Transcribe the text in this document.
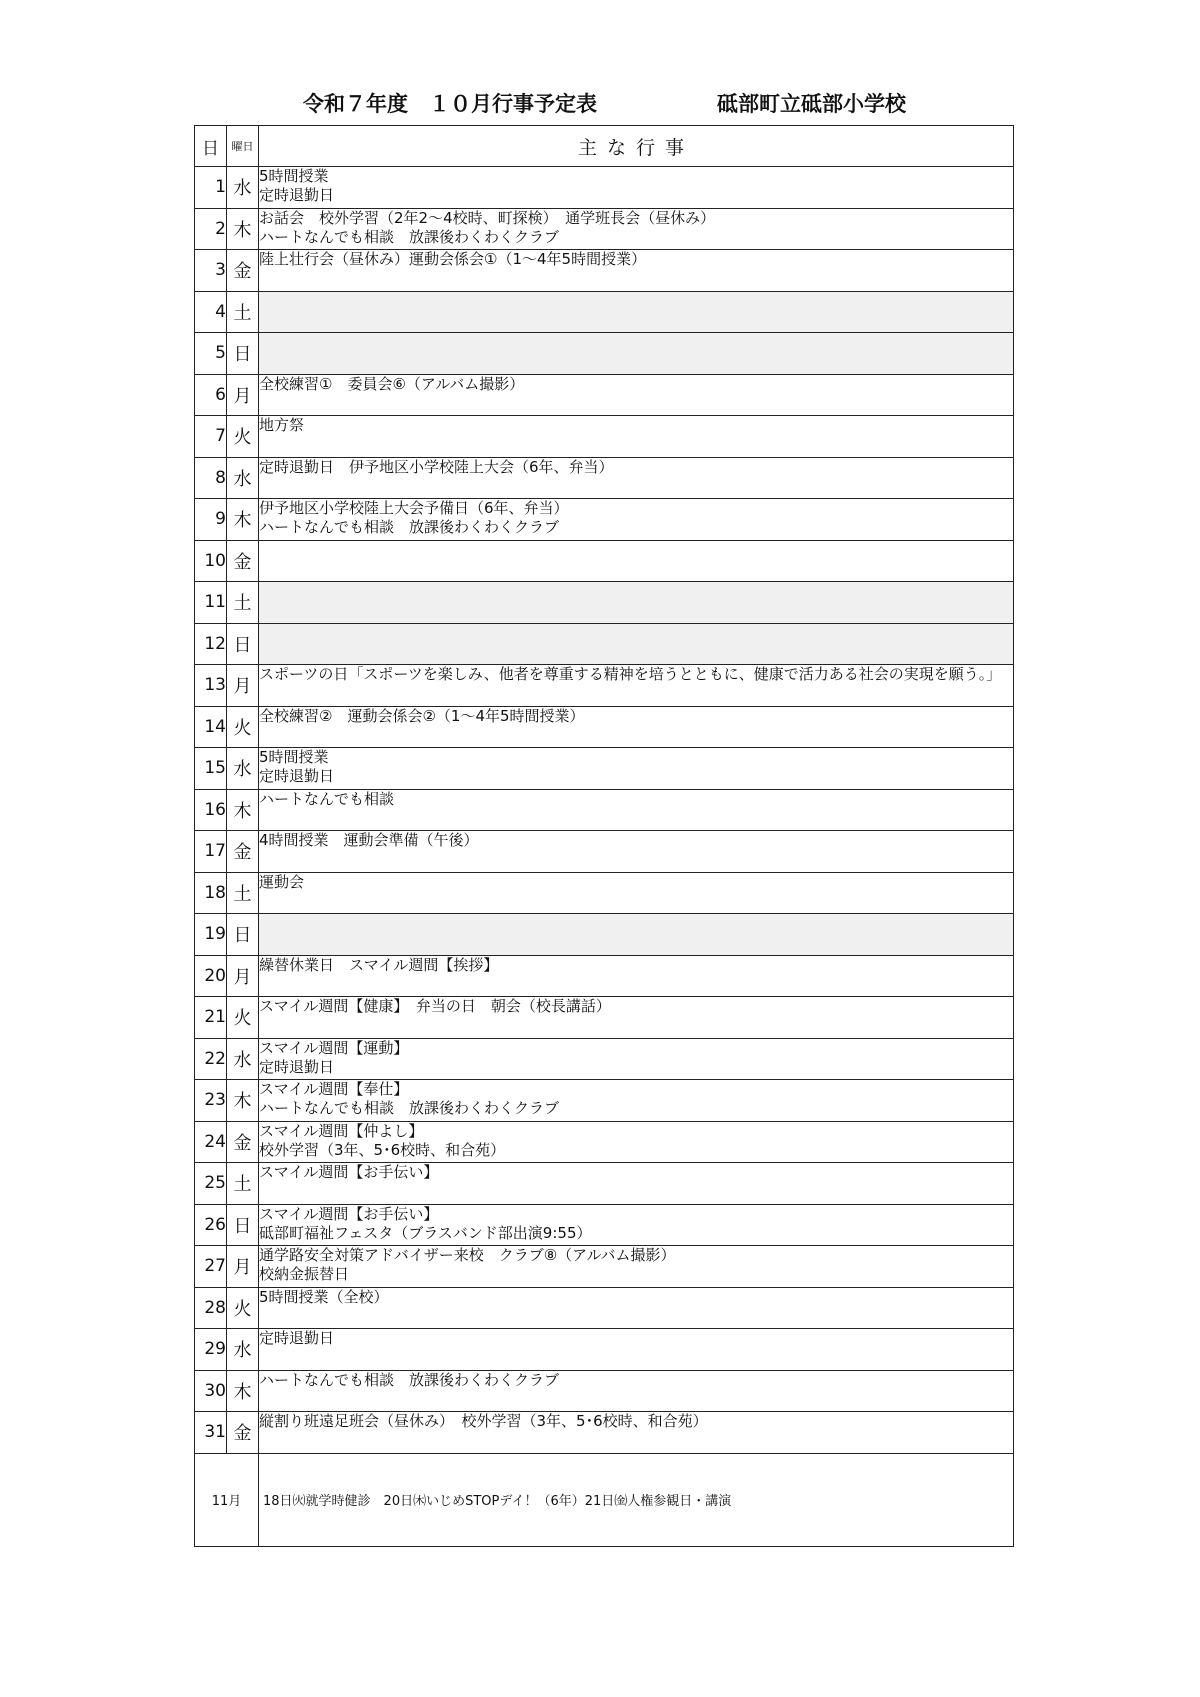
令和７年度　１０月行事予定表	砥部町立砥部小学校
日	曜日	主な行事
1	水	5時間授業
定時退勤日
2	木	お話会　校外学習（2年2～4校時、町探検）　通学班長会（昼休み）
ハートなんでも相談　放課後わくわくクラブ
3	金	陸上壮行会（昼休み）運動会係会①（1～4年5時間授業）
4	土	
5	日	
6	月	全校練習①　委員会⑥（アルバム撮影）
7	火	地方祭
8	水	定時退勤日　伊予地区小学校陸上大会（6年、弁当）
9	木	伊予地区小学校陸上大会予備日（6年、弁当）
ハートなんでも相談　放課後わくわくクラブ
10	金	
11	土	
12	日	
13	月	スポーツの日「スポーツを楽しみ、他者を尊重する精神を培うとともに、健康で活力ある社会の実現を願う。」
14	火	全校練習②　運動会係会②（1～4年5時間授業）
15	水	5時間授業
定時退勤日
16	木	ハートなんでも相談
17	金	4時間授業　運動会準備（午後）
18	土	運動会
19	日	
20	月	繰替休業日　スマイル週間【挨拶】
21	火	スマイル週間【健康】　弁当の日　朝会（校長講話）
22	水	スマイル週間【運動】
定時退勤日
23	木	スマイル週間【奉仕】
ハートなんでも相談　放課後わくわくクラブ
24	金	スマイル週間【仲よし】
校外学習（3年、5･6校時、和合苑）
25	土	スマイル週間【お手伝い】
26	日	スマイル週間【お手伝い】
砥部町福祉フェスタ（ブラスバンド部出演9:55）
27	月	通学路安全対策アドバイザー来校　クラブ⑧（アルバム撮影）
校納金振替日
28	火	5時間授業（全校）
29	水	定時退勤日
30	木	ハートなんでも相談　放課後わくわくクラブ
31	金	縦割り班遠足班会（昼休み）　校外学習（3年、5･6校時、和合苑）
11月		18日㈫就学時健診　20日㈭いじめSTOPデイ！（6年）21日㈮人権参観日・講演
